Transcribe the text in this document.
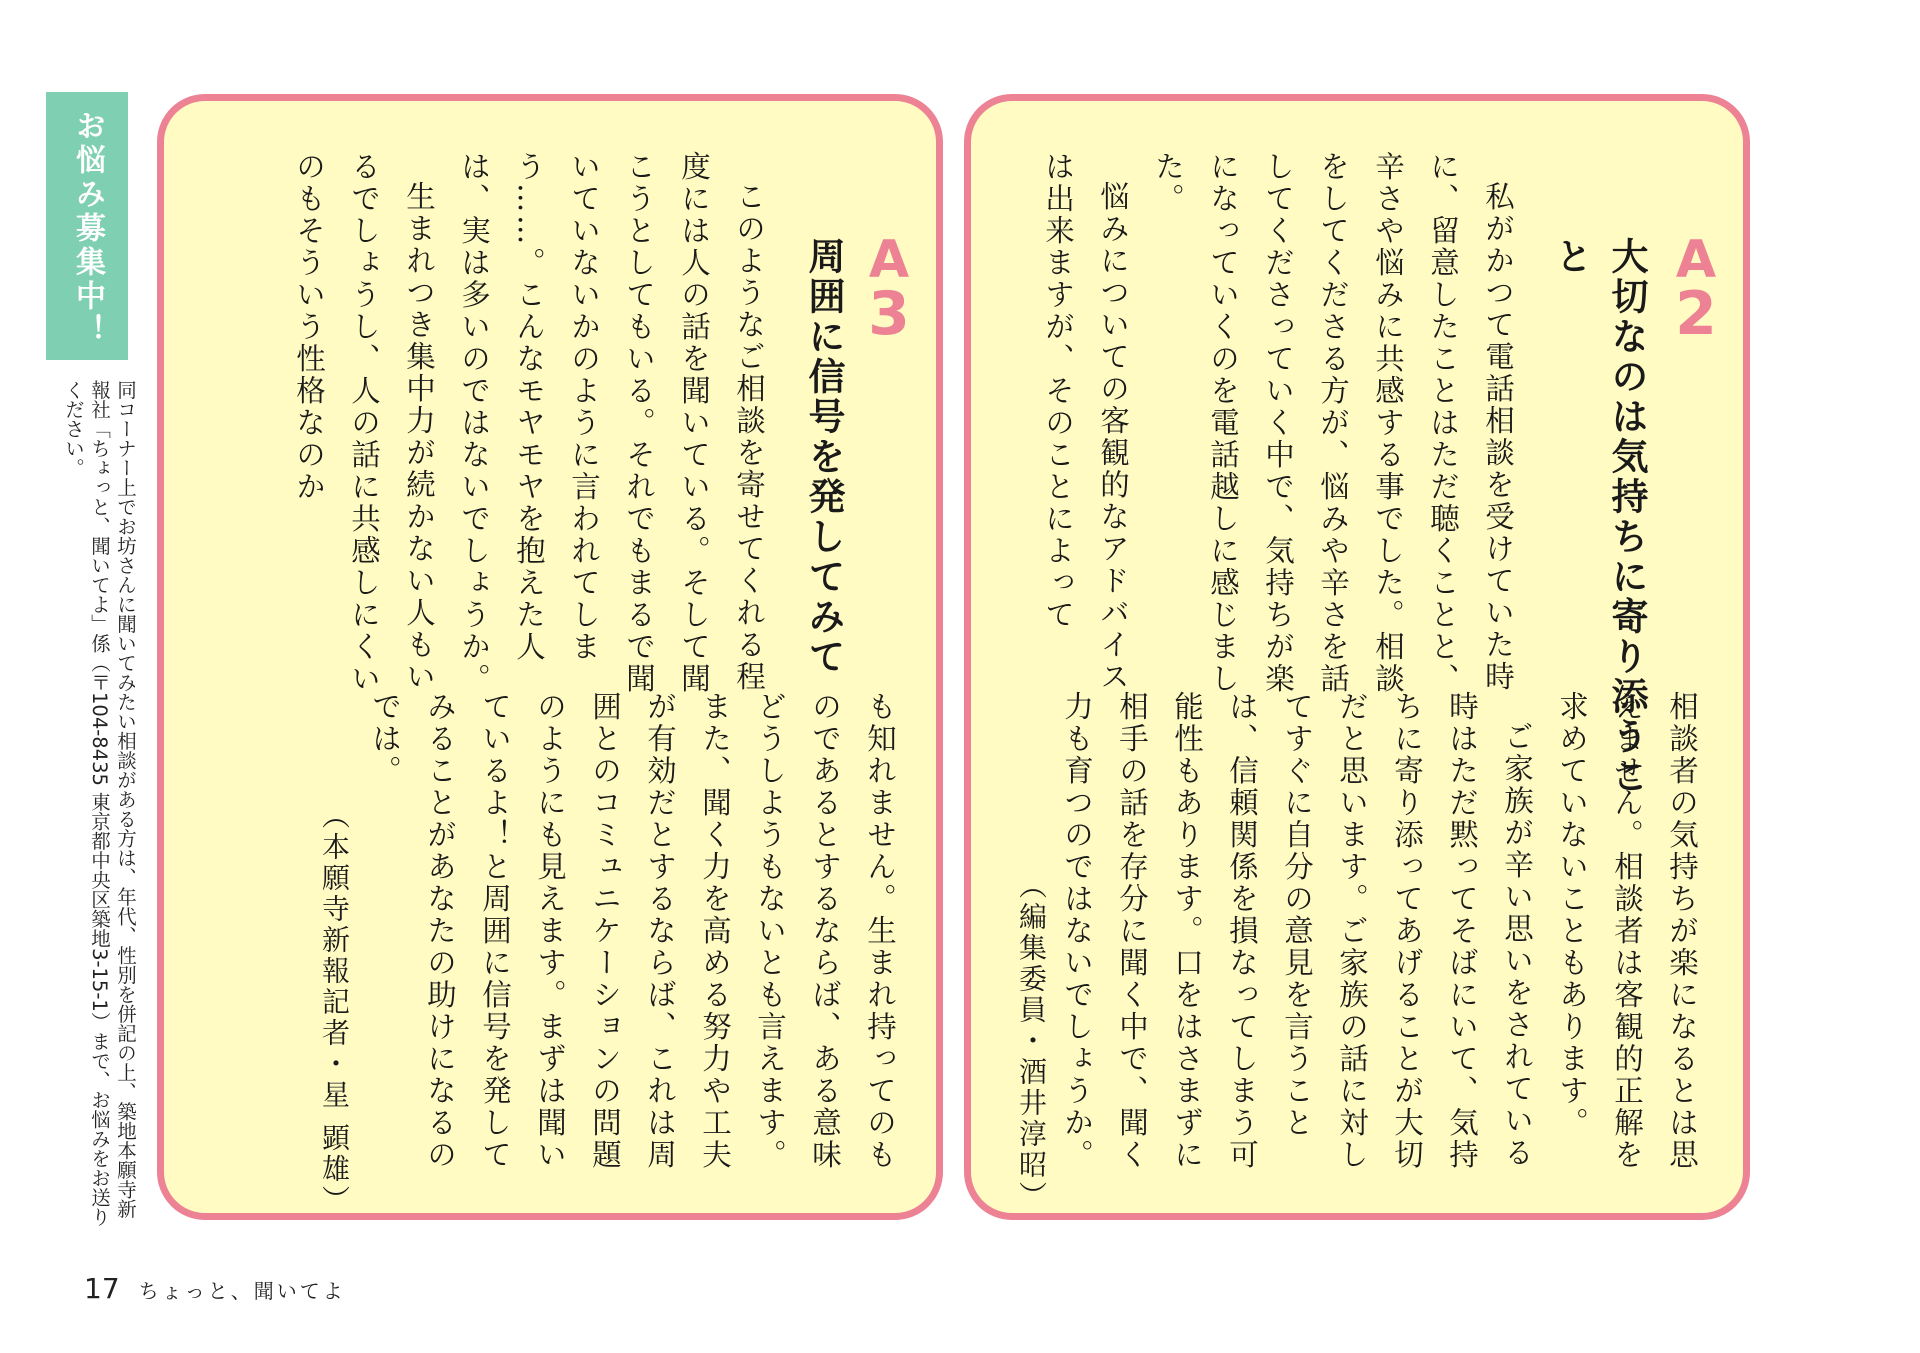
お悩み募集中！
同コーナー上でお坊さんに聞いてみたい相談がある方は、年代、性別を併記の上、築地本願寺新報社「ちょっと、聞いてよ」係（〒104-8435 東京都中央区築地3-15-1）まで、お悩みをお送りください。
A
3
周囲に信号を発してみて

このようなご相談を寄せてくれる程度には人の話を聞いている。そして聞こうとしてもいる。それでもまるで聞いていないかのように言われてしまう……。こんなモヤモヤを抱えた人は、実は多いのではないでしょうか。

生まれつき集中力が続かない人もいるでしょうし、人の話に共感しにくいのもそういう性格なのか

も知れません。生まれ持ってのものであるとするならば、ある意味どうしようもないとも言えます。また、聞く力を高める努力や工夫が有効だとするならば、これは周囲とのコミュニケーションの問題のようにも見えます。まずは聞いているよ！と周囲に信号を発してみることがあなたの助けになるのでは。

（本願寺新報記者・星 顕雄）
A
2
大切なのは気持ちに寄り添うこと

私がかつて電話相談を受けていた時に、留意したことはただ聴くことと、辛さや悩みに共感する事でした。相談をしてくださる方が、悩みや辛さを話してくださっていく中で、気持ちが楽になっていくのを電話越しに感じました。

悩みについての客観的なアドバイスは出来ますが、そのことによって

相談者の気持ちが楽になるとは思えません。相談者は客観的正解を求めていないこともあります。

ご家族が辛い思いをされている時はただ黙ってそばにいて、気持ちに寄り添ってあげることが大切だと思います。ご家族の話に対してすぐに自分の意見を言うことは、信頼関係を損なってしまう可能性もあります。口をはさまずに相手の話を存分に聞く中で、聞く力も育つのではないでしょうか。

（編集委員・酒井淳昭）
17 ちょっと、聞いてよ
